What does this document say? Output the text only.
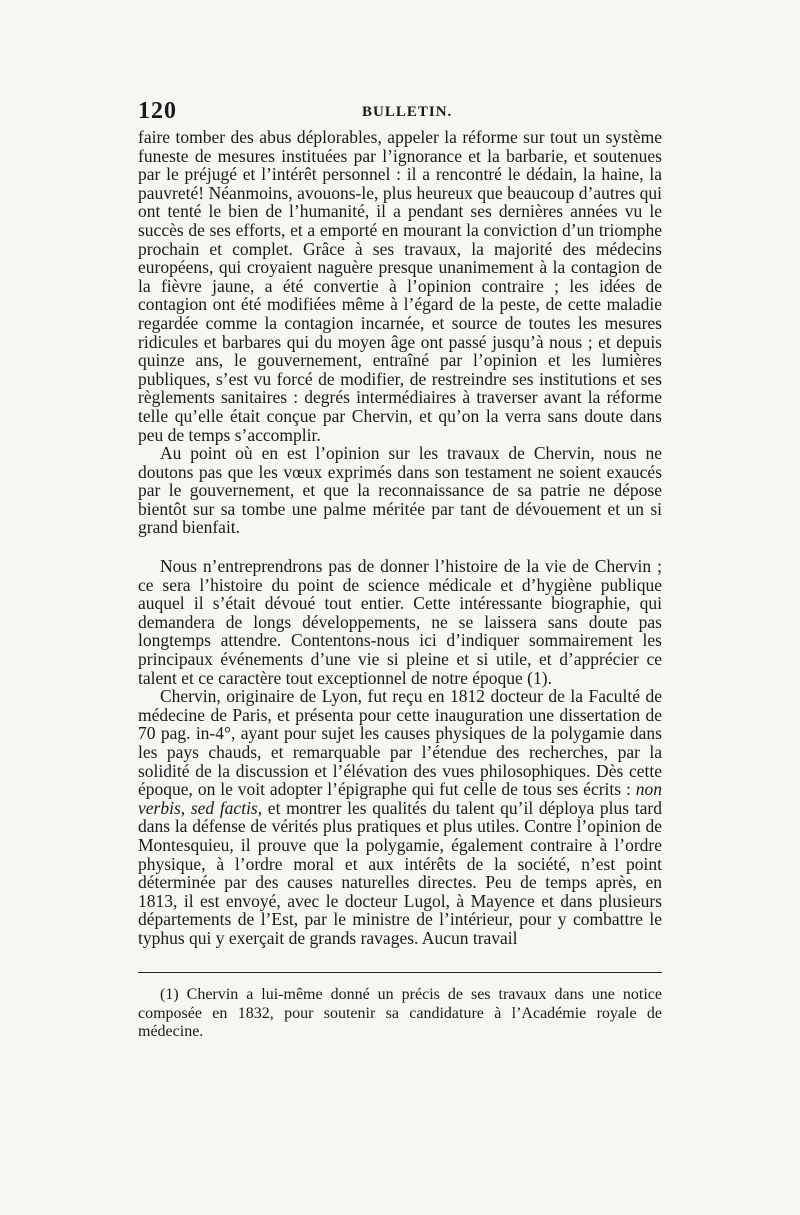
120	BULLETIN.

faire tomber des abus déplorables, appeler la réforme sur tout un système funeste de mesures instituées par l’ignorance et la barbarie, et soutenues par le préjugé et l’intérêt personnel : il a rencontré le dédain, la haine, la pauvreté! Néanmoins, avouons-le, plus heureux que beaucoup d’autres qui ont tenté le bien de l’humanité, il a pendant ses dernières années vu le succès de ses efforts, et a emporté en mourant la conviction d’un triomphe prochain et complet. Grâce à ses travaux, la majorité des médecins européens, qui croyaient naguère presque unanimement à la contagion de la fièvre jaune, a été convertie à l’opinion contraire ; les idées de contagion ont été modifiées même à l’égard de la peste, de cette maladie regardée comme la contagion incarnée, et source de toutes les mesures ridicules et barbares qui du moyen âge ont passé jusqu’à nous ; et depuis quinze ans, le gouvernement, entraîné par l’opinion et les lumières publiques, s’est vu forcé de modifier, de restreindre ses institutions et ses règlements sanitaires : degrés intermédiaires à traverser avant la réforme telle qu’elle était conçue par Chervin, et qu’on la verra sans doute dans peu de temps s’accomplir.

Au point où en est l’opinion sur les travaux de Chervin, nous ne doutons pas que les vœux exprimés dans son testament ne soient exaucés par le gouvernement, et que la reconnaissance de sa patrie ne dépose bientôt sur sa tombe une palme méritée par tant de dévouement et un si grand bienfait.

Nous n’entreprendrons pas de donner l’histoire de la vie de Chervin ; ce sera l’histoire du point de science médicale et d’hygiène publique auquel il s’était dévoué tout entier. Cette intéressante biographie, qui demandera de longs développements, ne se laissera sans doute pas longtemps attendre. Contentons-nous ici d’indiquer sommairement les principaux événements d’une vie si pleine et si utile, et d’apprécier ce talent et ce caractère tout exceptionnel de notre époque (1).

Chervin, originaire de Lyon, fut reçu en 1812 docteur de la Faculté de médecine de Paris, et présenta pour cette inauguration une dissertation de 70 pag. in-4°, ayant pour sujet les causes physiques de la polygamie dans les pays chauds, et remarquable par l’étendue des recherches, par la solidité de la discussion et l’élévation des vues philosophiques. Dès cette époque, on le voit adopter l’épigraphe qui fut celle de tous ses écrits : non verbis, sed factis, et montrer les qualités du talent qu’il déploya plus tard dans la défense de vérités plus pratiques et plus utiles. Contre l’opinion de Montesquieu, il prouve que la polygamie, également contraire à l’ordre physique, à l’ordre moral et aux intérêts de la société, n’est point déterminée par des causes naturelles directes. Peu de temps après, en 1813, il est envoyé, avec le docteur Lugol, à Mayence et dans plusieurs départements de l’Est, par le ministre de l’intérieur, pour y combattre le typhus qui y exerçait de grands ravages. Aucun travail

(1) Chervin a lui-même donné un précis de ses travaux dans une notice composée en 1832, pour soutenir sa candidature à l’Académie royale de médecine.
